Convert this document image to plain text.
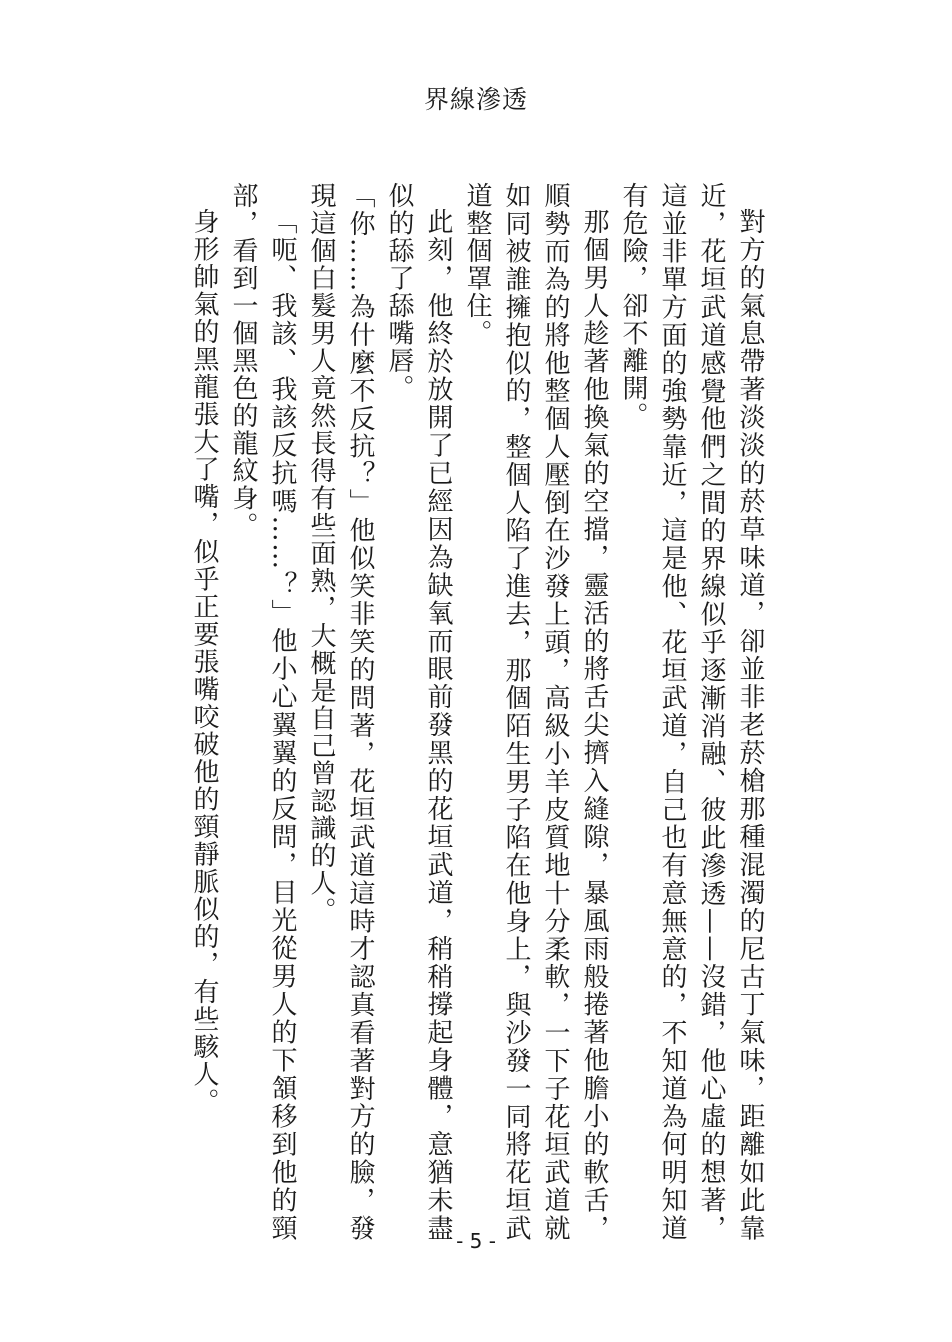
界線滲透

對方的氣息帶著淡淡的菸草味道，卻並非老菸槍那種混濁的尼古丁氣味，距離如此靠近，花垣武道感覺他們之間的界線似乎逐漸消融、彼此滲透——沒錯，他心虛的想著，這並非單方面的強勢靠近，這是他、花垣武道，自己也有意無意的，不知道為何明知道有危險，卻不離開。

那個男人趁著他換氣的空擋，靈活的將舌尖擠入縫隙，暴風雨般捲著他膽小的軟舌，順勢而為的將他整個人壓倒在沙發上頭，高級小羊皮質地十分柔軟，一下子花垣武道就如同被誰擁抱似的，整個人陷了進去，那個陌生男子陷在他身上，與沙發一同將花垣武道整個罩住。

此刻，他終於放開了已經因為缺氧而眼前發黑的花垣武道，稍稍撐起身體，意猶未盡似的舔了舔嘴唇。

「你……為什麼不反抗？」他似笑非笑的問著，花垣武道這時才認真看著對方的臉，發現這個白髮男人竟然長得有些面熟，大概是自己曾認識的人。

「呃、我該、我該反抗嗎……？」他小心翼翼的反問，目光從男人的下頷移到他的頸部，看到一個黑色的龍紋身。

身形帥氣的黑龍張大了嘴，似乎正要張嘴咬破他的頸靜脈似的，有些駭人。

- 5 -
